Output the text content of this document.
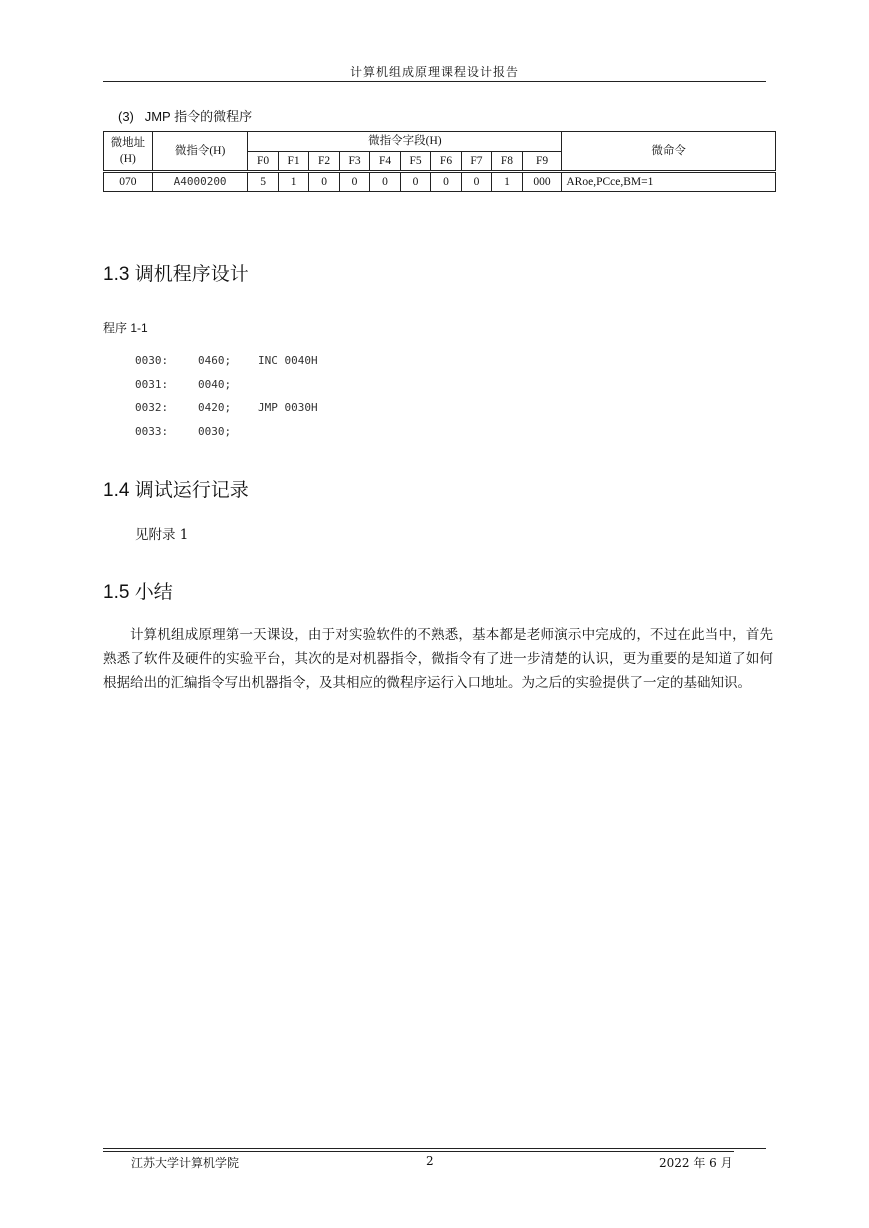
计算机组成原理课程设计报告
(3)   JMP 指令的微程序
微地址(H)	微指令(H)	微指令字段(H)										微命令
		F0	F1	F2	F3	F4	F5	F6	F7	F8	F9	
070	A4000200	5	1	0	0	0	0	0	0	1	000	ARoe,PCce,BM=1
1.3 调机程序设计
程序 1-1
0030:	0460; INC 0040H
0031:	0040;
0032:	0420; JMP 0030H
0033:	0030;
1.4 调试运行记录
见附录 1
1.5 小结
计算机组成原理第一天课设，由于对实验软件的不熟悉，基本都是老师演示中完成的，不过在此当中，首先熟悉了软件及硬件的实验平台，其次的是对机器指令，微指令有了进一步清楚的认识，更为重要的是知道了如何根据给出的汇编指令写出机器指令，及其相应的微程序运行入口地址。为之后的实验提供了一定的基础知识。
江苏大学计算机学院	2	2022 年 6 月
